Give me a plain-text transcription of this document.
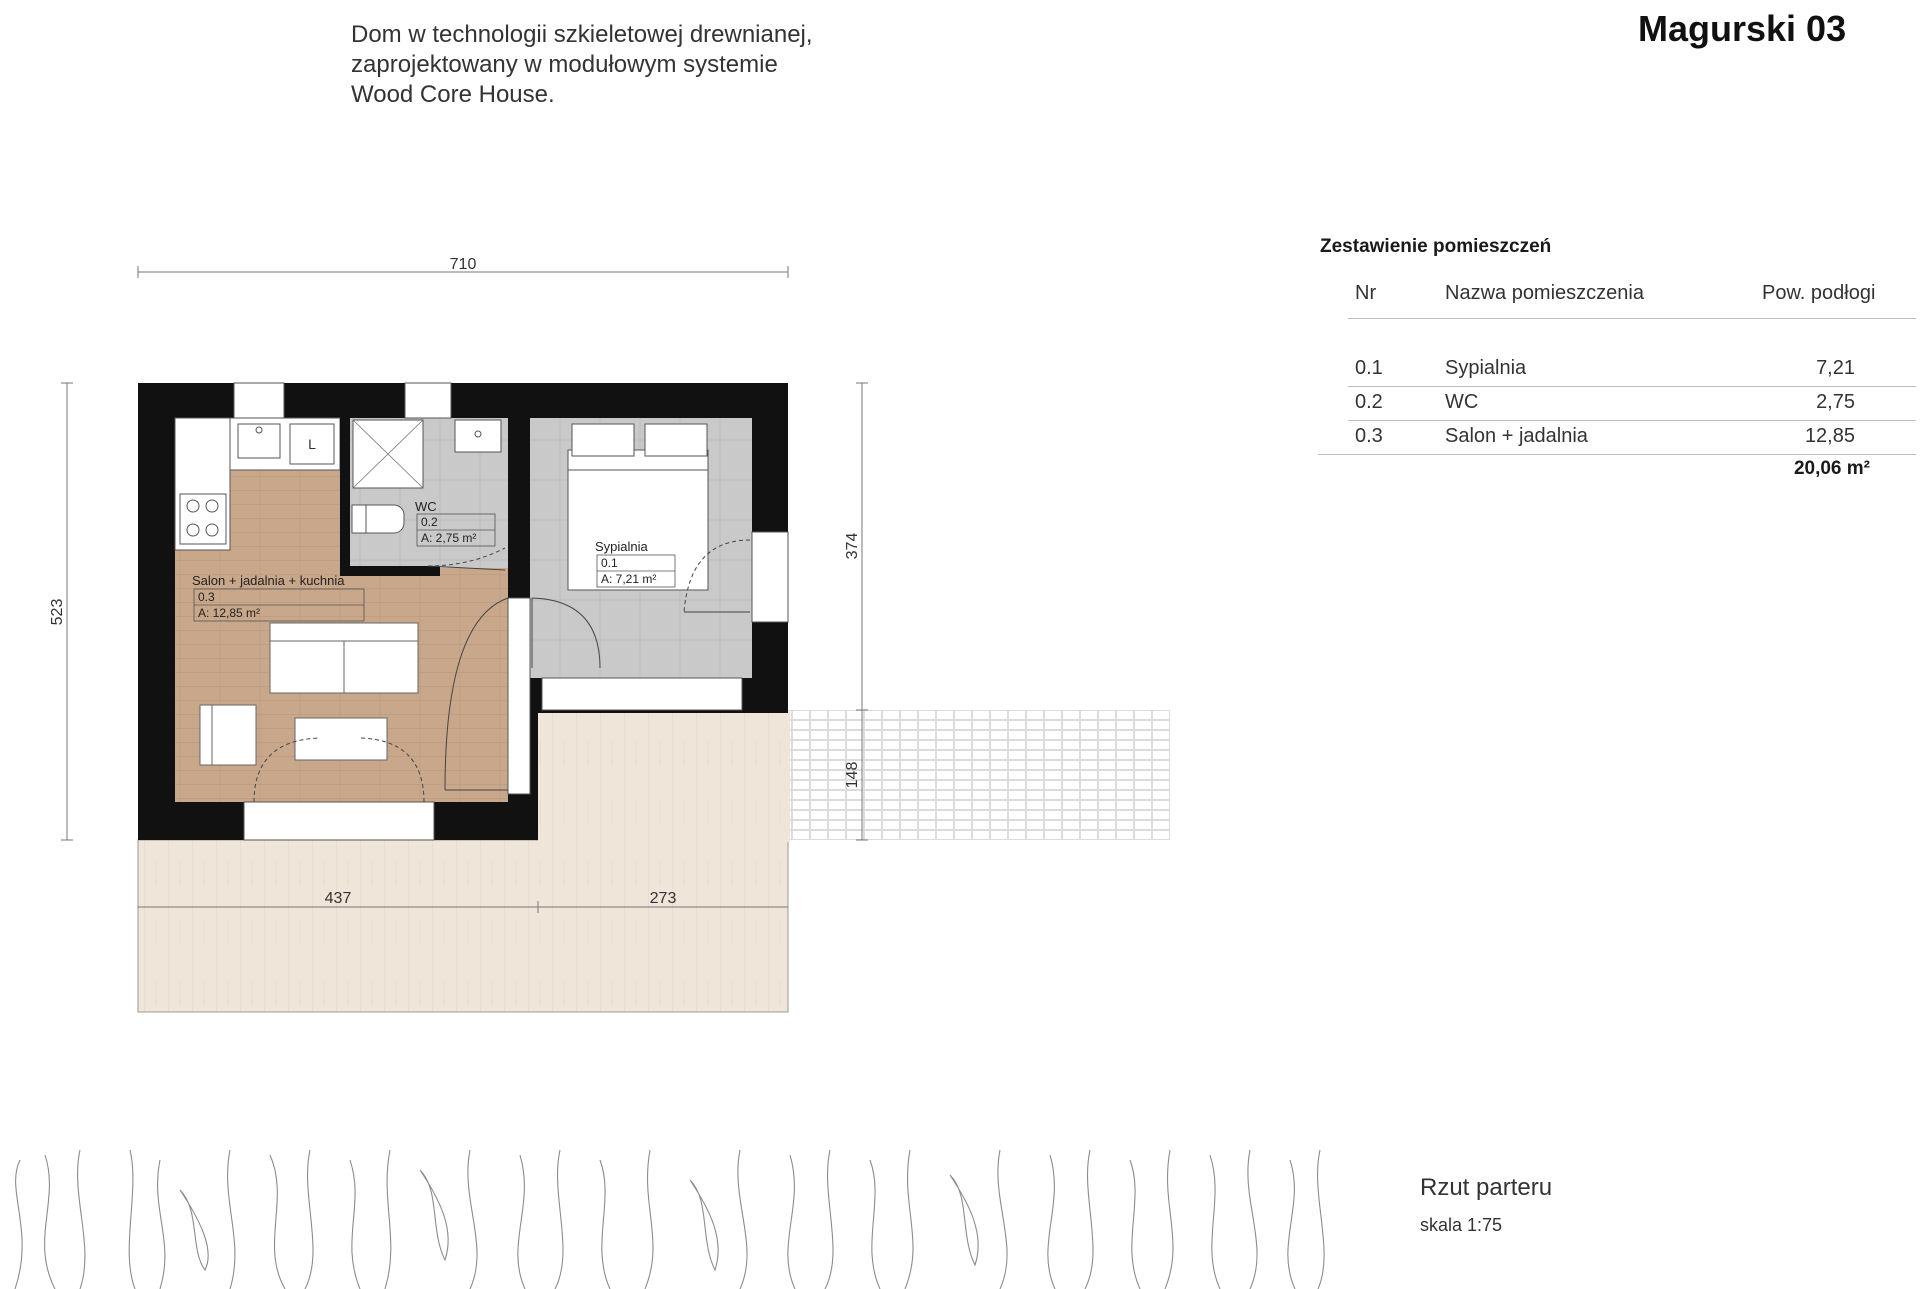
Dom w technologii szkieletowej drewnianej,
zaprojektowany w modułowym systemie
Wood Core House.
Magurski 03
Zestawienie pomieszczeń
Nr	Nazwa pomieszczenia	Pow. podłogi
0.1	Sypialnia	7,21
0.2	WC	2,75
0.3	Salon + jadalnia	12,85
20,06 m²
L
WC
0.2
A: 2,75 m²
Sypialnia
0.1
A: 7,21 m²
Salon + jadalnia + kuchnia
0.3
A: 12,85 m²
710
523
374
148
437	273
Rzut parteru
skala 1:75
